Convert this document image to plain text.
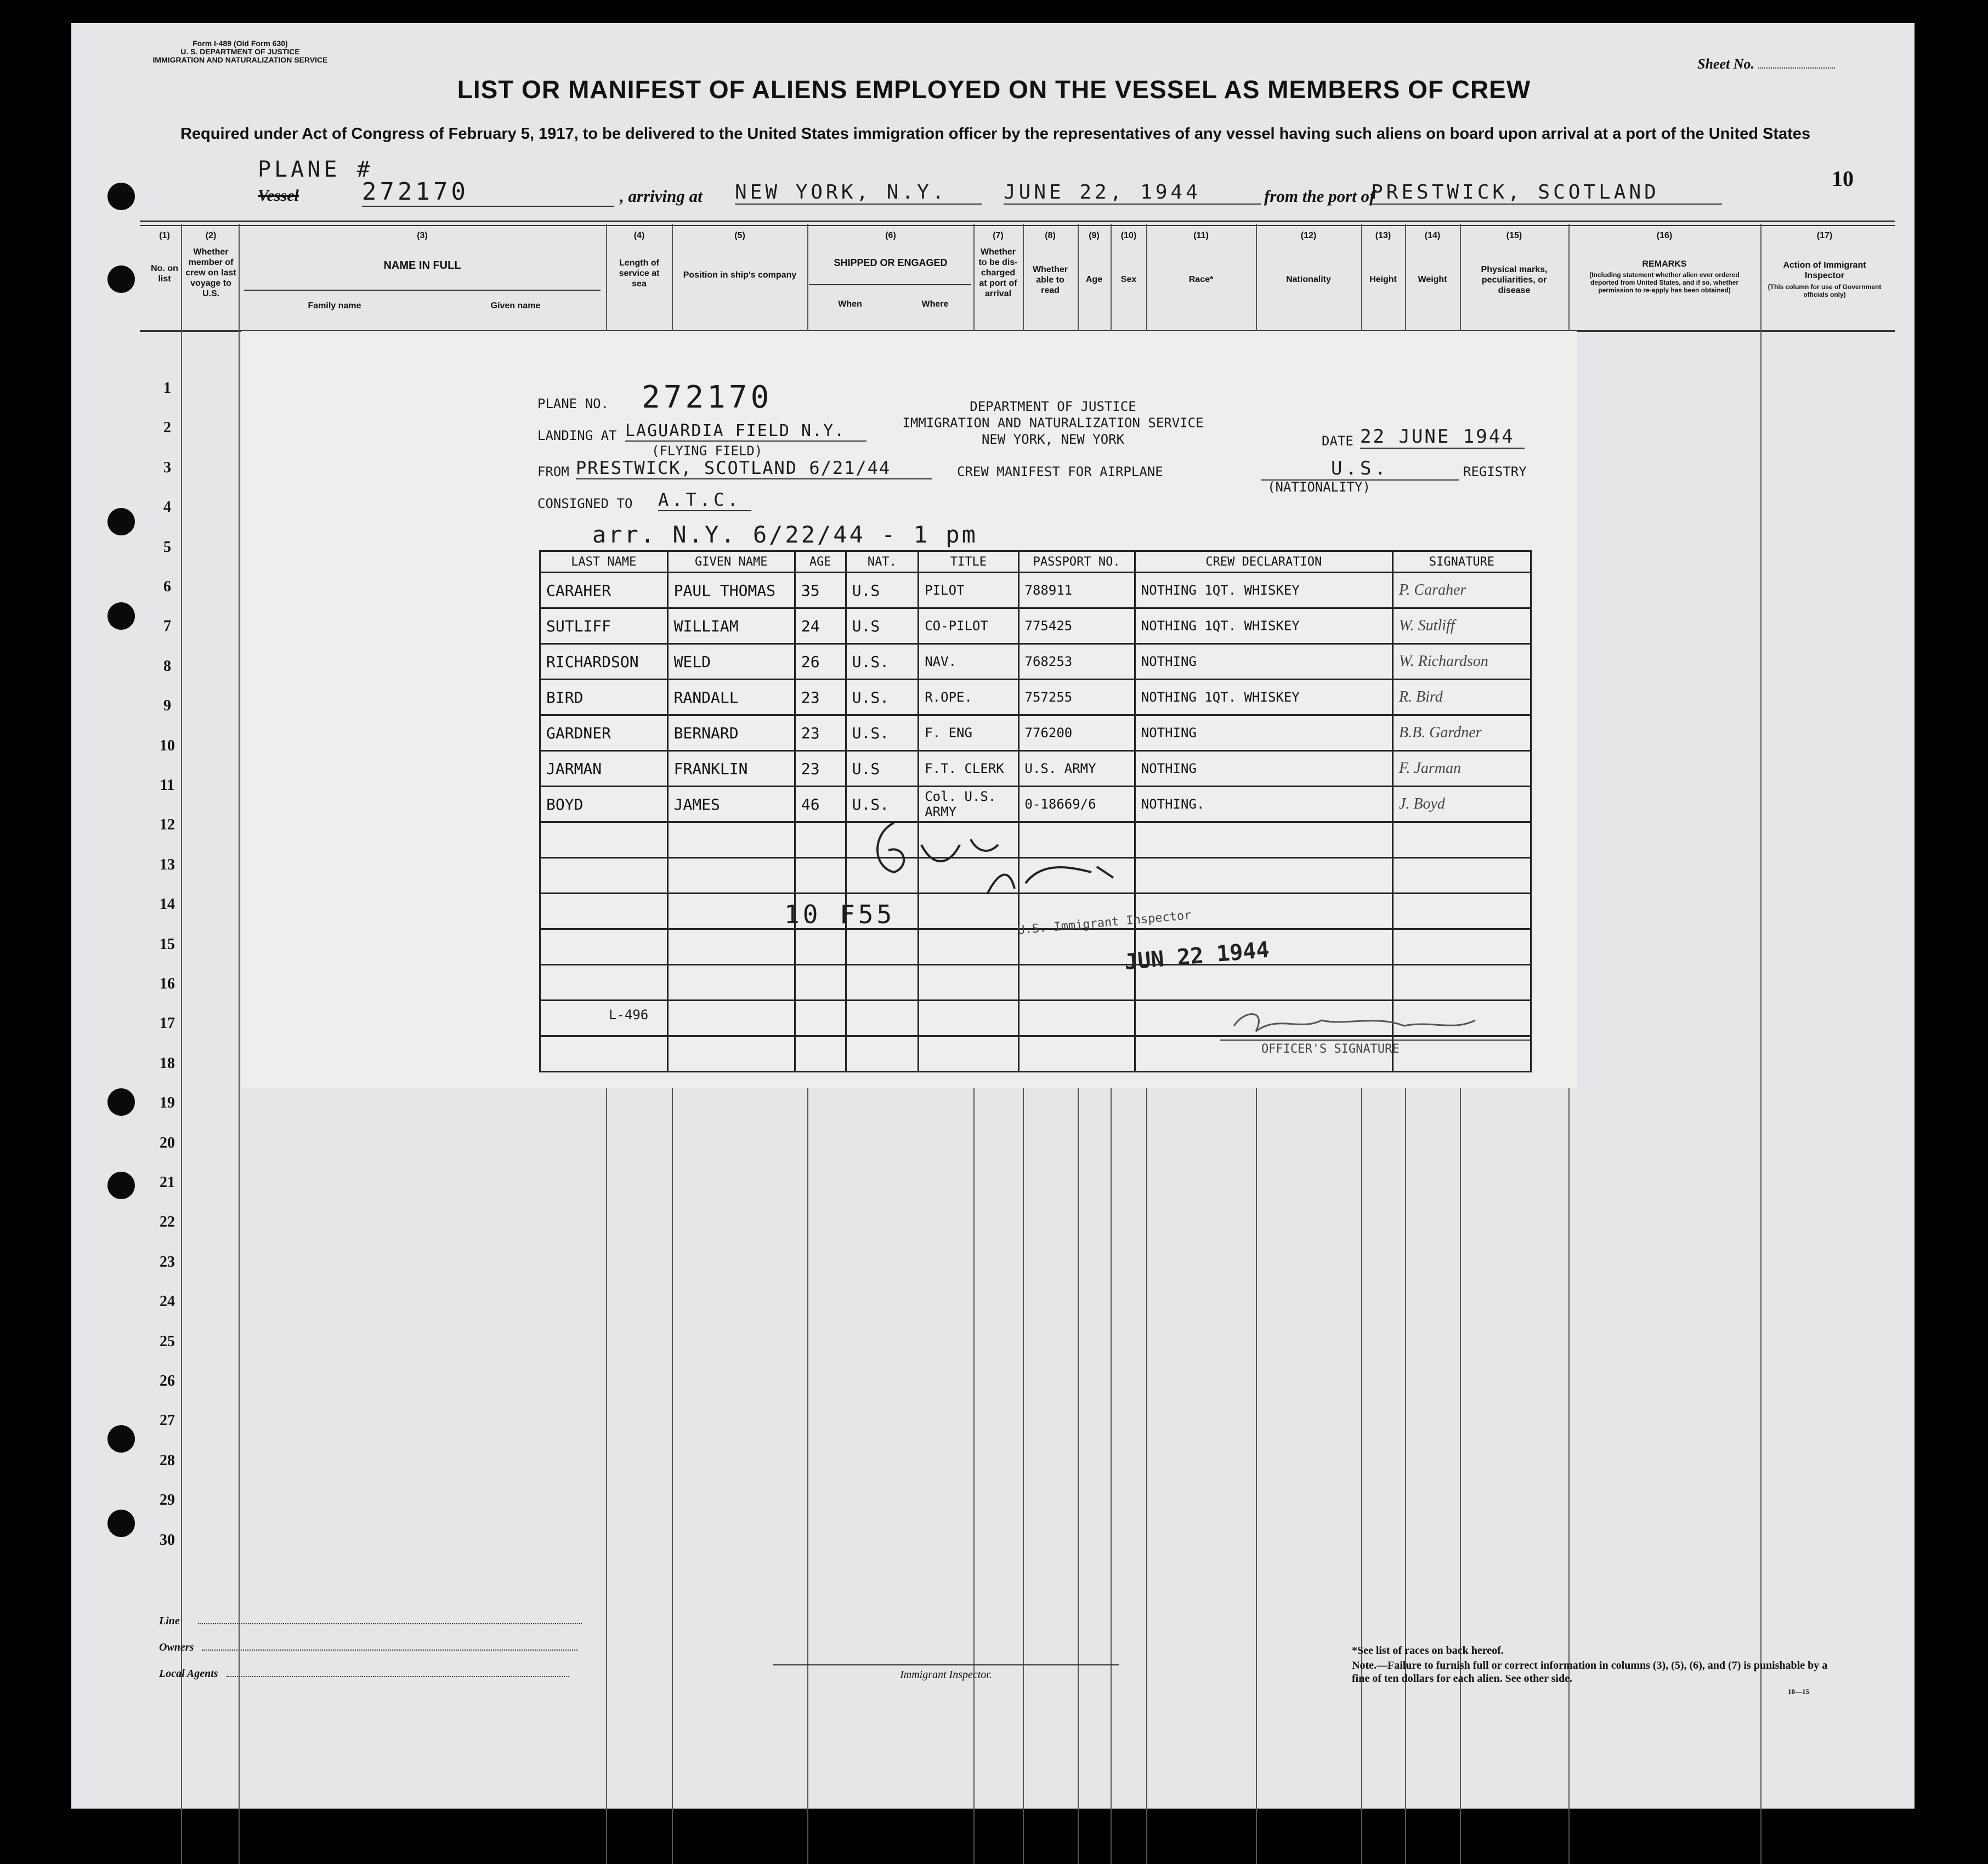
Form I-489 (Old Form 630)
U. S. DEPARTMENT OF JUSTICE
IMMIGRATION AND NATURALIZATION SERVICE	Sheet No.
LIST OR MANIFEST OF ALIENS EMPLOYED ON THE VESSEL AS MEMBERS OF CREW
Required under Act of Congress of February 5, 1917, to be delivered to the United States immigration officer by the representatives of any vessel having such aliens on board upon arrival at a port of the United States
10
PLANE #
Vessel	272170	, arriving at NEW YORK, N.Y.	JUNE 22, 1944	from the port of
PRESTWICK, SCOTLAND
(1)
No. on list
(2)
Whether member of crew on last voyage to U.S.
(3)
NAME IN FULL
Family name	Given name
(4)
Length of service at sea
(5)
Position in ship's company
(6)
SHIPPED OR ENGAGED
When	Where
(7)
Whether to be dis-charged at port of arrival
(8)
Whether able to read
(9)
Age
(10)
Sex
(11)
Race*
(12)
Nationality
(13)
Height
(14)
Weight
(15)
Physical marks, peculiarities, or disease
(16)
REMARKS
(Including statement whether alien ever ordered deported from United States, and if so, whether permission to re-apply has been obtained)
(17)
Action of Immigrant Inspector
(This column for use of Government officials only)
1
2
3
4
5
6
7
8
9
10
11
12
13
14
15
16
17
18
19
20
21
22
23
24
25
26
27
28
29
30
PLANE NO. 272170
LANDING AT LAGUARDIA FIELD N.Y.
(FLYING FIELD)
FROM PRESTWICK, SCOTLAND 6/21/44
CONSIGNED TO A.T.C.
arr. N.Y. 6/22/44 - 1 pm
DEPARTMENT OF JUSTICE
IMMIGRATION AND NATURALIZATION SERVICE
NEW YORK, NEW YORK
CREW MANIFEST FOR AIRPLANE
DATE 22 JUNE 1944
U.S.
(NATIONALITY)
REGISTRY
LAST NAME	GIVEN NAME	AGE	NAT.	TITLE	PASSPORT NO.	CREW DECLARATION	SIGNATURE
CARAHER	PAUL THOMAS	35	U.S	PILOT	788911	NOTHING 1QT. WHISKEY	P. Caraher
SUTLIFF	WILLIAM	24	U.S	CO-PILOT	775425	NOTHING 1QT. WHISKEY	W. Sutliff
RICHARDSON	WELD	26	U.S.	NAV.	768253	NOTHING	W. Richardson
BIRD	RANDALL	23	U.S.	R.OPE.	757255	NOTHING 1QT. WHISKEY	R. Bird
GARDNER	BERNARD	23	U.S.	F. ENG	776200	NOTHING	B.B. Gardner
JARMAN	FRANKLIN	23	U.S	F.T. CLERK	U.S. ARMY	NOTHING	F. Jarman
BOYD	JAMES	46	U.S.	Col. U.S. ARMY	0-18669/6	NOTHING.	J. Boyd

10 F55
L-496
U.S. Immigrant Inspector
JUN 22 1944
OFFICER'S SIGNATURE
Line
Owners
Local Agents	Immigrant Inspector.
*See list of races on back hereof.
Note.—Failure to furnish full or correct information in columns (3), (5), (6), and (7) is punishable by a fine of ten dollars for each alien. See other side.
10—15
